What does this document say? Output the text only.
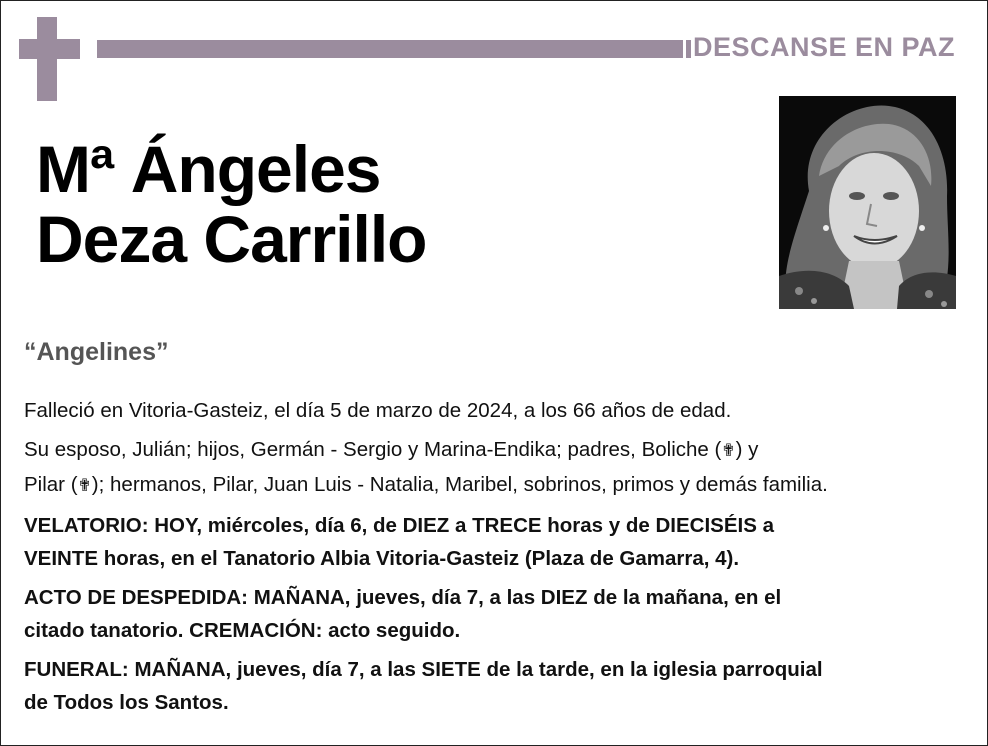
DESCANSE EN PAZ
Mª Ángeles
Deza Carrillo
“Angelines”

Falleció en Vitoria-Gasteiz, el día 5 de marzo de 2024, a los 66 años de edad.

Su esposo, Julián; hijos, Germán - Sergio y Marina-Endika; padres, Boliche (✟) y
Pilar (✟); hermanos, Pilar, Juan Luis - Natalia, Maribel, sobrinos, primos y demás familia.

VELATORIO: HOY, miércoles, día 6, de DIEZ a TRECE horas y de DIECISÉIS a
VEINTE horas, en el Tanatorio Albia Vitoria-Gasteiz (Plaza de Gamarra, 4).

ACTO DE DESPEDIDA: MAÑANA, jueves, día 7, a las DIEZ de la mañana, en el
citado tanatorio. CREMACIÓN: acto seguido.

FUNERAL: MAÑANA, jueves, día 7, a las SIETE de la tarde, en la iglesia parroquial
de Todos los Santos.
